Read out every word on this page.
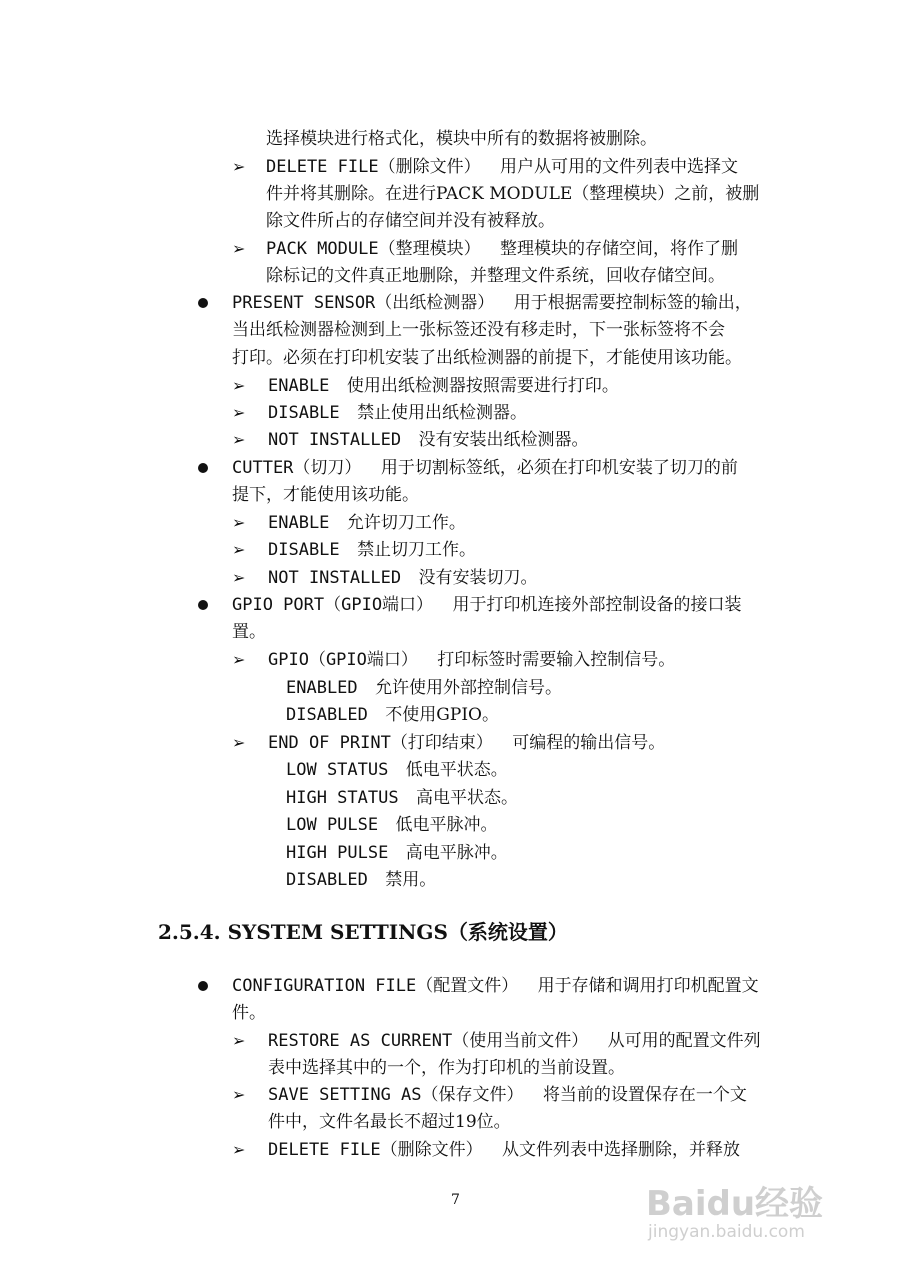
选择模块进行格式化，模块中所有的数据将被删除。
➢ DELETE FILE（删除文件） 用户从可用的文件列表中选择文
件并将其删除。在进行PACK MODULE（整理模块）之前，被删
除文件所占的存储空间并没有被释放。
➢ PACK MODULE（整理模块） 整理模块的存储空间，将作了删
除标记的文件真正地删除，并整理文件系统，回收存储空间。
PRESENT SENSOR（出纸检测器） 用于根据需要控制标签的输出，
当出纸检测器检测到上一张标签还没有移走时，下一张标签将不会
打印。必须在打印机安装了出纸检测器的前提下，才能使用该功能。
➢ ENABLE 使用出纸检测器按照需要进行打印。
➢ DISABLE 禁止使用出纸检测器。
➢ NOT INSTALLED 没有安装出纸检测器。
CUTTER（切刀） 用于切割标签纸，必须在打印机安装了切刀的前
提下，才能使用该功能。
➢ ENABLE 允许切刀工作。
➢ DISABLE 禁止切刀工作。
➢ NOT INSTALLED 没有安装切刀。
GPIO PORT（GPIO端口） 用于打印机连接外部控制设备的接口装
置。
➢ GPIO（GPIO端口） 打印标签时需要输入控制信号。
ENABLED 允许使用外部控制信号。
DISABLED 不使用GPIO。
➢ END OF PRINT（打印结束） 可编程的输出信号。
LOW STATUS 低电平状态。
HIGH STATUS 高电平状态。
LOW PULSE 低电平脉冲。
HIGH PULSE 高电平脉冲。
DISABLED 禁用。
2.5.4. SYSTEM SETTINGS（系统设置）
CONFIGURATION FILE（配置文件） 用于存储和调用打印机配置文
件。
➢ RESTORE AS CURRENT（使用当前文件） 从可用的配置文件列
表中选择其中的一个，作为打印机的当前设置。
➢ SAVE SETTING AS（保存文件） 将当前的设置保存在一个文
件中，文件名最长不超过19位。
➢ DELETE FILE（删除文件） 从文件列表中选择删除，并释放
7	Baidu经验
jingyan.baidu.com
